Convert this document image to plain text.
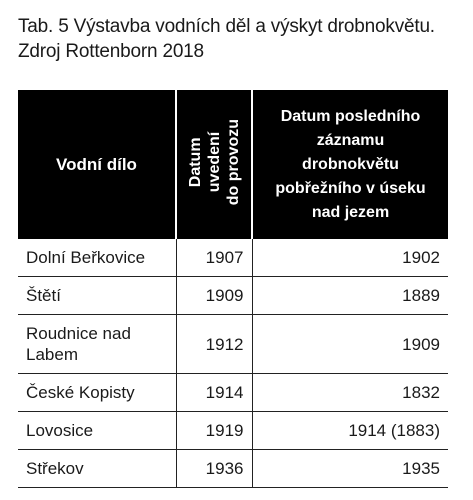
Tab. 5 Výstavba vodních děl a výskyt drobnokvětu.
Zdroj Rottenborn 2018
Vodní dílo	Datum uvedení do provozu	Datum posledního
záznamu
drobnokvětu
pobřežního v úseku
nad jezem
Dolní Beřkovice	1907	1902
Štětí	1909	1889
Roudnice nad Labem	1912	1909
České Kopisty	1914	1832
Lovosice	1919	1914 (1883)
Střekov	1936	1935
